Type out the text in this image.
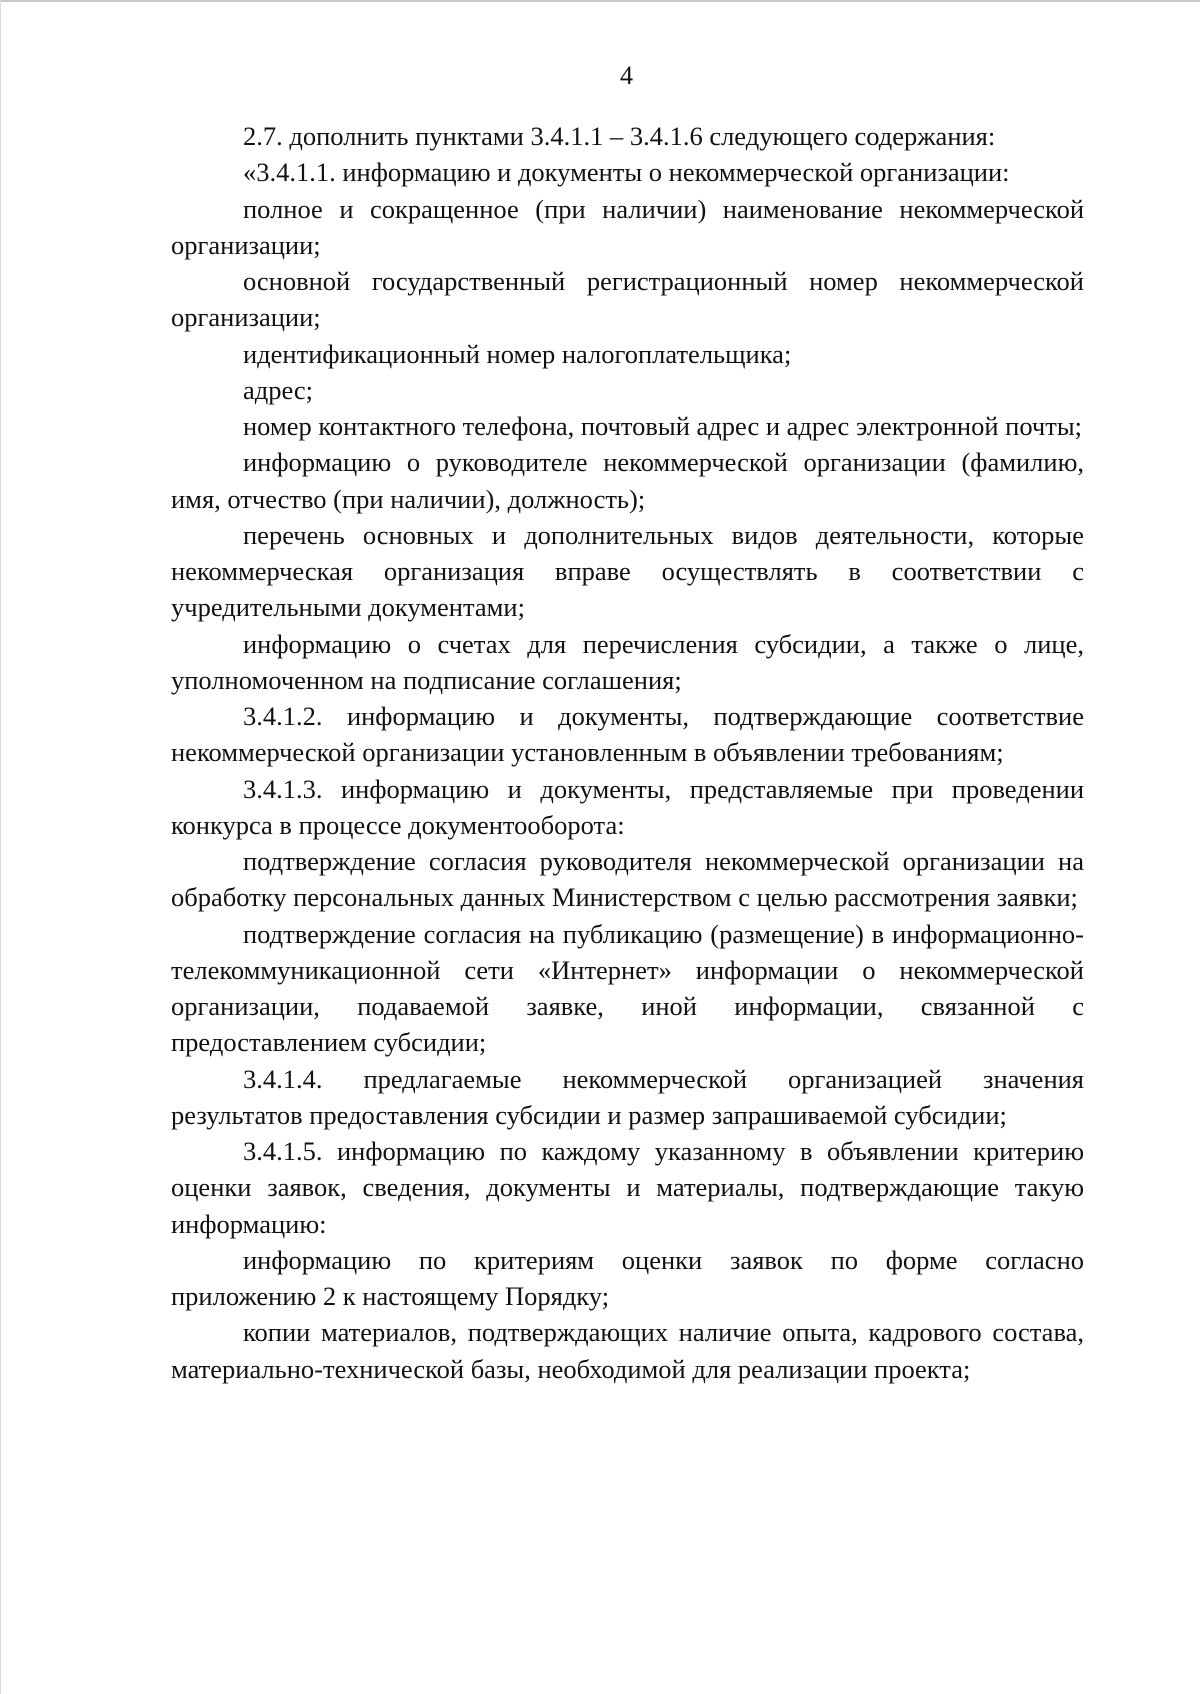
4

2.7. дополнить пунктами 3.4.1.1 – 3.4.1.6 следующего содержания:

«3.4.1.1. информацию и документы о некоммерческой организации:

полное и сокращенное (при наличии) наименование некоммерческой организации;

основной государственный регистрационный номер некоммерческой организации;

идентификационный номер налогоплательщика;

адрес;

номер контактного телефона, почтовый адрес и адрес электронной почты;

информацию о руководителе некоммерческой организации (фамилию, имя, отчество (при наличии), должность);

перечень основных и дополнительных видов деятельности, которые некоммерческая организация вправе осуществлять в соответствии с учредительными документами;

информацию о счетах для перечисления субсидии, а также о лице, уполномоченном на подписание соглашения;

3.4.1.2. информацию и документы, подтверждающие соответствие некоммерческой организации установленным в объявлении требованиям;

3.4.1.3. информацию и документы, представляемые при проведении конкурса в процессе документооборота:

подтверждение согласия руководителя некоммерческой организации на обработку персональных данных Министерством с целью рассмотрения заявки;

подтверждение согласия на публикацию (размещение) в информационно-телекоммуникационной сети «Интернет» информации о некоммерческой организации, подаваемой заявке, иной информации, связанной с предоставлением субсидии;

3.4.1.4. предлагаемые некоммерческой организацией значения результатов предоставления субсидии и размер запрашиваемой субсидии;

3.4.1.5. информацию по каждому указанному в объявлении критерию оценки заявок, сведения, документы и материалы, подтверждающие такую информацию:

информацию по критериям оценки заявок по форме согласно приложению 2 к настоящему Порядку;

копии материалов, подтверждающих наличие опыта, кадрового состава, материально-технической базы, необходимой для реализации проекта;
